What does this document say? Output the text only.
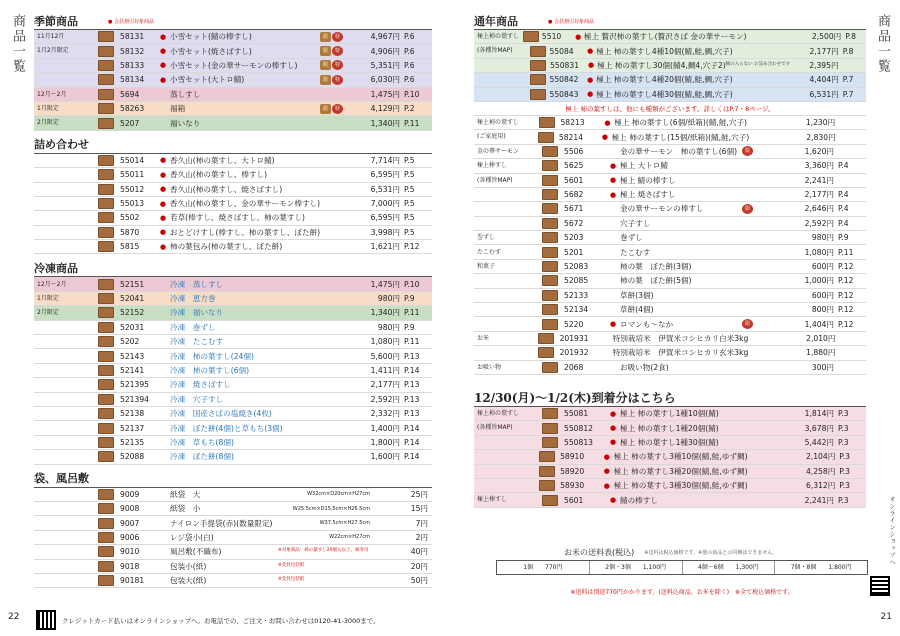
商品一覧	商品一覧
オンラインショップへ
季節商品	● 会員割引対象商品
11月12月	58131	● 小雪セット(鯖の棒すし)	限	特	4,967円 P.6
1月2月限定	58132	● 小雪セット(焼さばすし)	限	特	4,906円 P.6
58133	● 小雪セット(金の華サーモンの棒すし)	限	特	5,351円 P.6
58134	● 小雪セット(大トロ鯖)	限	特	6,030円 P.6
12月～2月	5694	蒸しすし	1,475円 P.10
1月限定	58263	福箱	限	特	4,129円 P.2
2月限定	5207	福いなり	1,340円 P.11
詰め合わせ
55014	● 香久山(柿の葉すし、大トロ鯖)	7,714円 P.5
55011	● 香久山(柿の葉すし、棒すし)	6,595円 P.5
55012	● 香久山(柿の葉すし、焼さばすし)	6,531円 P.5
55013	● 香久山(柿の葉すし、金の華サーモン棒すし)	7,000円 P.5
5502	● 若草(棒すし、焼さばすし、柿の葉すし)	6,595円 P.5
5870	● おとどけすし(棒すし、柿の葉すし、ぼた餅)	3,998円 P.5
5815	● 柿の葉包み(柿の葉すし、ぼた餅)	1,621円 P.12
冷凍商品
12月～2月	52151	冷凍　蒸しすし	1,475円 P.10
1月限定	52041	冷凍　恵方巻	980円 P.9
2月限定	52152	冷凍　福いなり	1,340円 P.11
52031	冷凍　巻ずし	980円 P.9
5202	冷凍　たこむす	1,080円 P.11
52143	冷凍　柿の葉すし(24個)	5,600円 P.13
52141	冷凍　柿の葉すし(6個)	1,411円 P.14
521395	冷凍　焼さばすし	2,177円 P.13
521394	冷凍　穴子すし	2,592円 P.13
52138	冷凍　国産さばの塩焼き(4枚)	2,332円 P.13
52137	冷凍　ぼた餅(4個)と草もち(3個)	1,400円 P.14
52135	冷凍　草もち(8個)	1,800円 P.14
52088	冷凍　ぼた餅(8個)	1,600円 P.14
袋、風呂敷
9009	紙袋　大	W32cm×D20cm×H27cm	25円
9008	紙袋　小	W25.5cm×D15.5cm×H26.5cm	15円
9007	ナイロン手提袋(赤)(数量限定)	W37.5cm×H27.5cm	7円
9006	レジ袋小(白)	W22cm×H27cm	2円
9010	風呂敷(不織布)	※対象商品：柿の葉すし20個入以上、柿寿司	40円
9018	包装小(紙)	※金封包装紙	20円
90181	包装大(紙)	※金封包装紙	50円
通年商品	● 会員割引対象商品
極上柿の葉すし	5510	● 極上 贅沢柿の葉すし(贅沢さば 金の華サーモン)	2,500円 P.8
(各種旨MAP)	55084	● 極上 柿の葉すし4種10個(鯖,鮭,鯛,穴子)	2,177円 P.8
550831	● 極上 柿の葉すし30個(鯖4,鯛4,穴子2) 鯖の入らない お詰め合わせです	2,395円
550842	● 極上 柿の葉すし4種20個(鯖,鮭,鯛,穴子)	4,404円 P.7
550843	● 極上 柿の葉すし4種30個(鯖,鮭,鯛,穴子)	6,531円 P.7
極上 柿の葉すしは、他にも種類がございます。詳しくはP.7・8ページ。
極上柿の葉すし	58213	● 極上 柿の葉すし(6個/紙箱)(鯖,鮭,穴子)	1,230円
(ご家庭用)	58214	● 極上 柿の葉すし(15個/紙箱)(鯖,鮭,穴子)	2,830円
金の華サーモン	5506	金の華サーモン　柿の葉すし(6個)	限	1,620円
極上棒すし	5625	● 極上 大トロ鯖	3,360円 P.4
(各種旨MAP)	5601	● 極上 鯖の棒すし	2,241円
5682	● 極上 焼さばすし	2,177円 P.4
5671	金の華サーモンの棒すし	限	2,646円 P.4
5672	穴子すし	2,592円 P.4
巻ずし	5203	巻ずし	980円 P.9
たこむす	5201	たこむす	1,080円 P.11
和菓子	52083	柿の葉　ぼた餅(3個)	600円 P.12
52085	柿の葉　ぼた餅(5個)	1,000円 P.12
52133	草餅(3個)	600円 P.12
52134	草餅(4個)	800円 P.12
5220	● ロマンも～なか	限	1,404円 P.12
お米	201931	特別栽培米　伊賀米コシヒカリ白米3kg	2,010円
201932	特別栽培米　伊賀米コシヒカリ玄米3kg	1,880円
お吸い物	2068	お吸い物(2食)	300円
12/30(月)～1/2(木)到着分はこちら
極上柿の葉すし	55081	● 極上 柿の葉すし1種10個(鯖)	1,814円 P.3
(各種旨MAP)	550812	● 極上 柿の葉すし1種20個(鯖)	3,678円 P.3
550813	● 極上 柿の葉すし1種30個(鯖)	5,442円 P.3
58910	● 極上 柿の葉すし3種10個(鯖,鮭,ゆず鯛)	2,104円 P.3
58920	● 極上 柿の葉すし3種20個(鯖,鮭,ゆず鯛)	4,258円 P.3
58930	● 極上 柿の葉すし3種30個(鯖,鮭,ゆず鯛)	6,312円 P.3
極上棒すし	5601	● 鯖の棒すし	2,241円 P.3
お米の送料表(税込) ※送料は税込価格です。※他の商品との同梱はできません。
1個　　770円	2個・3個　　1,100円	4個～6個　　1,300円	7個・8個　　1,800円
※送料は別途770円かかります。(送料込商品、お米を除く)　※全て税込価格です。
クレジットカード払いはオンラインショップへ。お電話での、ご注文・お問い合わせは0120-41-3000まで。
22	21
